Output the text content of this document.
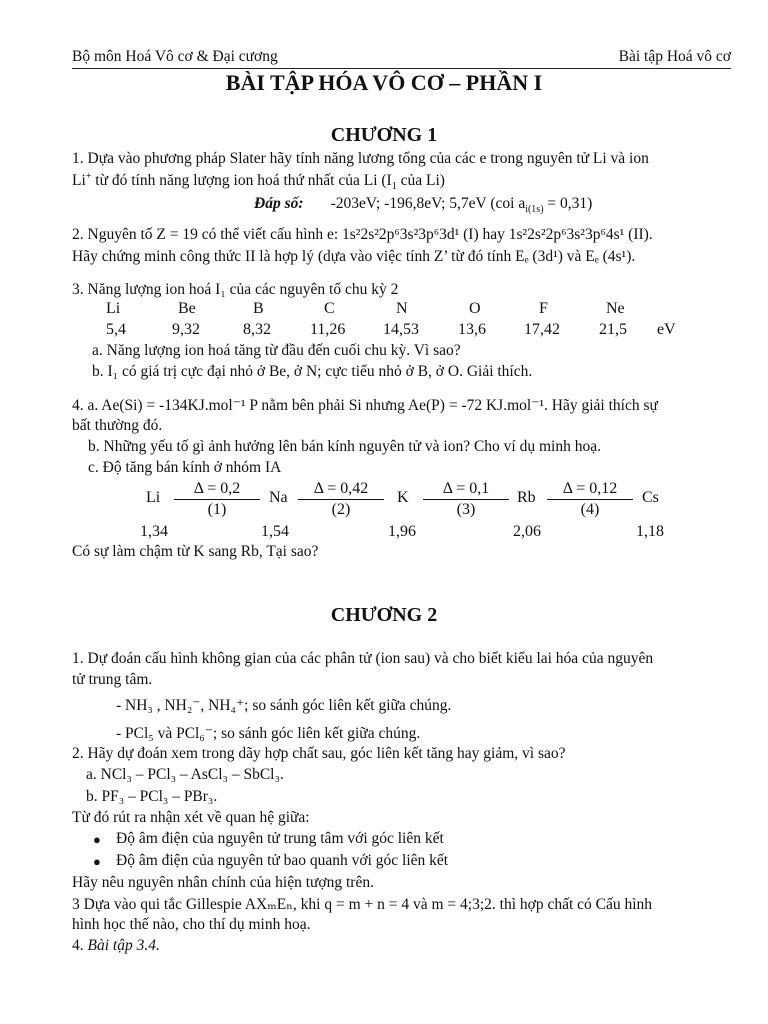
Bộ môn Hoá Vô cơ & Đại cương	Bài tập Hoá vô cơ
BÀI TẬP HÓA VÔ CƠ – PHẦN I
CHƯƠNG 1
1. Dựa vào phương pháp Slater hãy tính năng lương tổng của các e trong nguyên tử Li và ion
Li+ từ đó tính năng lượng ion hoá thứ nhất của Li ($I_1$ của Li)
Đáp số: -203eV; -196,8eV; 5,7eV (coi $a_{i(1s)} = 0,31$)
2. Nguyên tố Z = 19 có thể viết cấu hình e: 1s²2s²2p⁶3s²3p⁶3d¹ (I) hay 1s²2s²2p⁶3s²3p⁶4s¹ (II).
Hãy chứng minh công thức II là hợp lý (dựa vào việc tính Z’ từ đó tính Eₑ (3d¹) và Eₑ (4s¹).
3. Năng lượng ion hoá I₁ của các nguyên tố chu kỳ 2
Li	Be	B	C	N	O	F	Ne
5,4	9,32	8,32 11,26 14,53 13,6 17,42 21,5 eV
a. Năng lượng ion hoá tăng từ đầu đến cuối chu kỳ. Vì sao?
b. I₁ có giá trị cực đại nhỏ ở Be, ở N; cực tiểu nhỏ ở B, ở O. Giải thích.
4. a. Ae(Si) = -134KJ.mol⁻¹ P nằm bên phải Si nhưng Ae(P) = -72 KJ.mol⁻¹. Hãy giải thích sự
bất thường đó.
b. Những yếu tố gì ảnh hưởng lên bán kính nguyên tử và ion? Cho ví dụ minh hoạ.
c. Độ tăng bán kính ở nhóm IA
Li	Na	K	Rb	Cs
$\frac{\Delta = 0,2}{(1)} \frac{\Delta = 0,42}{(2)} \frac{\Delta = 0,1}{(3)} \frac{\Delta = 0,12}{(4)}$
1,34	1,54	1,96	2,06	1,18
Có sự làm chậm từ K sang Rb, Tại sao?
CHƯƠNG 2
1. Dự đoán cấu hình không gian của các phân tử (ion sau) và cho biết kiểu lai hóa của nguyên
tử trung tâm.
- NH₃ , NH₂⁻, NH₄⁺; so sánh góc liên kết giữa chúng.
- PCl₅ và PCl₆⁻; so sánh góc liên kết giữa chúng.
2. Hãy dự đoán xem trong dãy hợp chất sau, góc liên kết tăng hay giảm, vì sao?
a. NCl₃ – PCl₃ – AsCl₃ – SbCl₃.
b. PF₃ – PCl₃ – PBr₃.
Từ đó rút ra nhận xét về quan hệ giữa:
● Độ âm điện của nguyên tử trung tâm với góc liên kết
● Độ âm điện của nguyên tử bao quanh với góc liên kết
Hãy nêu nguyên nhân chính của hiện tượng trên.
3 Dựa vào qui tắc Gillespie AXₘEₙ, khi q = m + n = 4 và m = 4;3;2. thì hợp chất có Cấu hình
hình học thế nào, cho thí dụ minh hoạ.
4. Bài tập 3.4.
